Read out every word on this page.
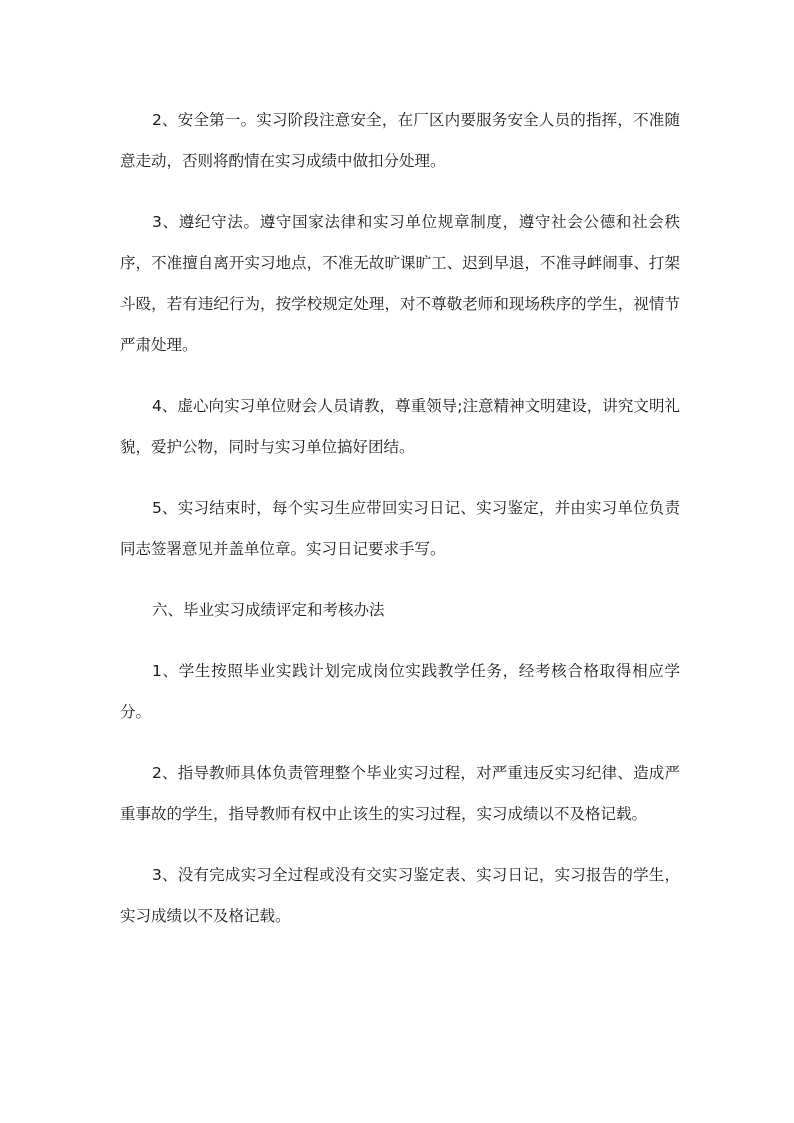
2、安全第一。实习阶段注意安全，在厂区内要服务安全人员的指挥，不准随意走动，否则将酌情在实习成绩中做扣分处理。

3、遵纪守法。遵守国家法律和实习单位规章制度，遵守社会公德和社会秩序，不准擅自离开实习地点，不准无故旷课旷工、迟到早退，不准寻衅闹事、打架斗殴，若有违纪行为，按学校规定处理，对不尊敬老师和现场秩序的学生，视情节严肃处理。

4、虚心向实习单位财会人员请教，尊重领导;注意精神文明建设，讲究文明礼貌，爱护公物，同时与实习单位搞好团结。

5、实习结束时，每个实习生应带回实习日记、实习鉴定，并由实习单位负责同志签署意见并盖单位章。实习日记要求手写。

六、毕业实习成绩评定和考核办法

1、学生按照毕业实践计划完成岗位实践教学任务，经考核合格取得相应学分。

2、指导教师具体负责管理整个毕业实习过程，对严重违反实习纪律、造成严重事故的学生，指导教师有权中止该生的实习过程，实习成绩以不及格记载。

3、没有完成实习全过程或没有交实习鉴定表、实习日记，实习报告的学生，实习成绩以不及格记载。
